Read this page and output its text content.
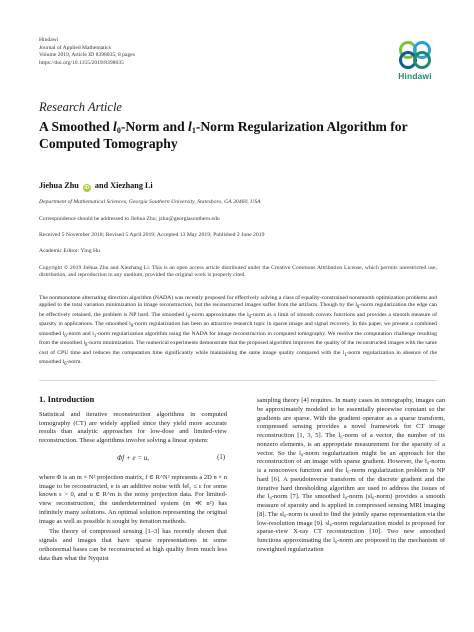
Hindawi
Journal of Applied Mathematics
Volume 2019, Article ID 8398035, 8 pages
https://doi.org/10.1155/2019/8398035
Hindawi
Research Article
A Smoothed $l_0$-Norm and $l_1$-Norm Regularization Algorithm for Computed Tomography
Jiehua Zhu iD and Xiezhang Li
Department of Mathematical Sciences, Georgia Southern University, Statesboro, GA 30460, USA
Correspondence should be addressed to Jiehua Zhu; jzhu@georgiasouthern.edu
Received 5 November 2018; Revised 5 April 2019; Accepted 13 May 2019; Published 2 June 2019
Academic Editor: Ying Hu
Copyright © 2019 Jiehua Zhu and Xiezhang Li. This is an open access article distributed under the Creative Commons Attribution License, which permits unrestricted use, distribution, and reproduction in any medium, provided the original work is properly cited.
The nonmonotone alternating direction algorithm (NADA) was recently proposed for effectively solving a class of equality-constrained nonsmooth optimization problems and applied to the total variation minimization in image reconstruction, but the reconstructed images suffer from the artifacts. Though by the $l_0$-norm regularization the edge can be effectively retained, the problem is NP hard. The smoothed $l_0$-norm approximates the $l_0$-norm as a limit of smooth convex functions and provides a smooth measure of sparsity in applications. The smoothed $l_0$-norm regularization has been an attractive research topic in sparse image and signal recovery. In this paper, we present a combined smoothed $l_0$-norm and $l_1$-norm regularization algorithm using the NADA for image reconstruction in computed tomography. We resolve the computation challenge resulting from the smoothed $l_0$-norm minimization. The numerical experiments demonstrate that the proposed algorithm improves the quality of the reconstructed images with the same cost of CPU time and reduces the computation time significantly while maintaining the same image quality compared with the $l_1$-norm regularization in absence of the smoothed $l_0$-norm.
1. Introduction
Statistical and iterative reconstruction algorithms in computed tomography (CT) are widely applied since they yield more accurate results than analytic approaches for low-dose and limited-view reconstruction. These algorithms involve solving a linear system:
Φf + e = u,	(1)
where Φ is an m × N² projection matrix, f ∈ R^N² represents a 2D n × n image to be reconstructed, e is an additive noise with ‖e‖₂ ≤ ε for some known ε > 0, and u ∈ R^m is the noisy projection data. For limited-view reconstruction, the underdetermined system (m ≪ n²) has infinitely many solutions. An optimal solution representing the original image as well as possible is sought by iteration methods.
The theory of compressed sensing [1–3] has recently shown that signals and images that have sparse representations in some orthonormal bases can be reconstructed at high quality from much less data than what the Nyquist
sampling theory [4] requires. In many cases in tomography, images can be approximately modeled to be essentially piecewise constant so the gradients are sparse. With the gradient operator as a sparse transform, compressed sensing provides a novel framework for CT image reconstruction [1, 3, 5]. The l₀-norm of a vector, the number of its nonzero elements, is an appropriate measurement for the sparsity of a vector. So the l₀-norm regularization might be an approach for the reconstruction of an image with sparse gradient. However, the l₀-norm is a nonconvex function and the l₀-norm regularization problem is NP hard [6]. A pseudoinverse transform of the discrete gradient and the iterative hard thresholding algorithm are used to address the issues of the l₀-norm [7]. The smoothed l₀-norm (sl₀-norm) provides a smooth measure of sparsity and is applied in compressed sensing MRI imaging [8]. The sl₀-norm is used to find the jointly sparse representation via the low-resolution image [9]. sl₀-norm regularization model is proposed for sparse-view X-ray CT reconstruction [10]. Two new smoothed functions approximating the l₀-norm are proposed in the mechanism of reweighted regularization
